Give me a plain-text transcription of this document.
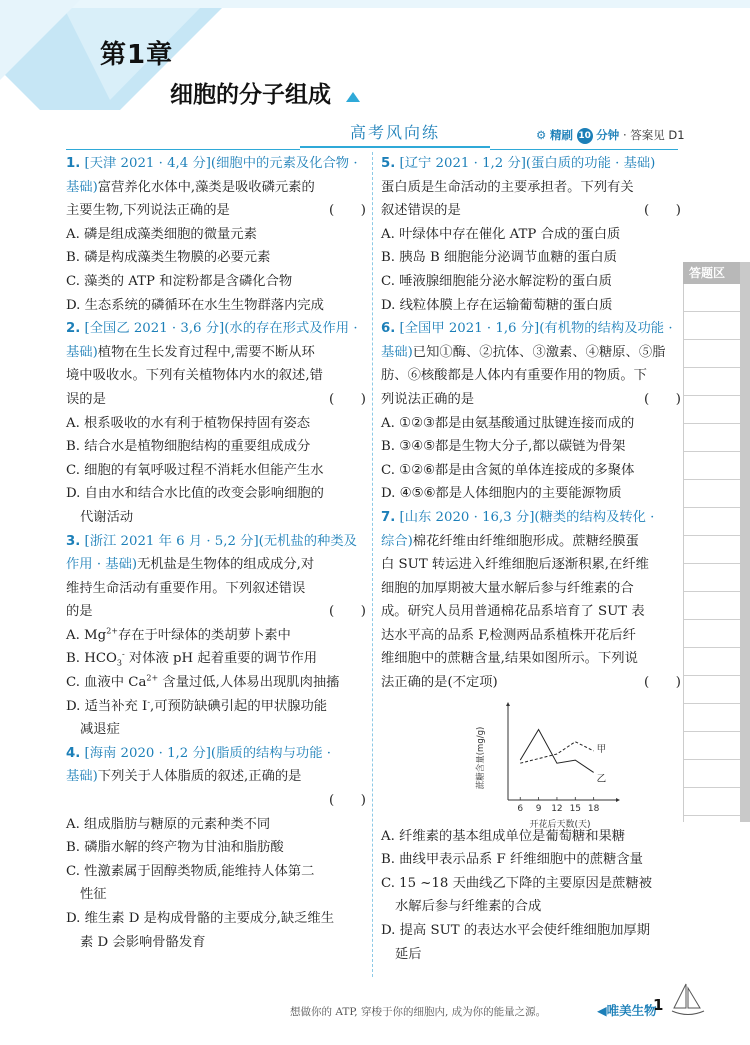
第1章
细胞的分子组成
高考风向练	⚙ 精刷 10 分钟 · 答案见 D1
1. [天津 2021 · 4,4 分](细胞中的元素及化合物 ·
基础)富营养化水体中,藻类是吸收磷元素的
主要生物,下列说法正确的是	(　　)
A. 磷是组成藻类细胞的微量元素
B. 磷是构成藻类生物膜的必要元素
C. 藻类的 ATP 和淀粉都是含磷化合物
D. 生态系统的磷循环在水生生物群落内完成
2. [全国乙 2021 · 3,6 分](水的存在形式及作用 ·
基础)植物在生长发育过程中,需要不断从环
境中吸收水。下列有关植物体内水的叙述,错
误的是	(　　)
A. 根系吸收的水有利于植物保持固有姿态
B. 结合水是植物细胞结构的重要组成成分
C. 细胞的有氧呼吸过程不消耗水但能产生水
D. 自由水和结合水比值的改变会影响细胞的
代谢活动
3. [浙江 2021 年 6 月 · 5,2 分](无机盐的种类及
作用 · 基础)无机盐是生物体的组成成分,对
维持生命活动有重要作用。下列叙述错误
的是	(　　)
A. $Mg^{2+}$存在于叶绿体的类胡萝卜素中
B. $HCO_3^-$ 对体液 pH 起着重要的调节作用
C. 血液中 $Ca^{2+}$ 含量过低,人体易出现肌肉抽搐
D. 适当补充 I-,可预防缺碘引起的甲状腺功能
减退症
4. [海南 2020 · 1,2 分](脂质的结构与功能 ·
基础)下列关于人体脂质的叙述,正确的是
(　　)

A. 组成脂肪与糖原的元素种类不同
B. 磷脂水解的终产物为甘油和脂肪酸
C. 性激素属于固醇类物质,能维持人体第二
性征
D. 维生素 D 是构成骨骼的主要成分,缺乏维生
素 D 会影响骨骼发育
5. [辽宁 2021 · 1,2 分](蛋白质的功能 · 基础)
蛋白质是生命活动的主要承担者。下列有关
叙述错误的是	(　　)
A. 叶绿体中存在催化 ATP 合成的蛋白质
B. 胰岛 B 细胞能分泌调节血糖的蛋白质
C. 唾液腺细胞能分泌水解淀粉的蛋白质
D. 线粒体膜上存在运输葡萄糖的蛋白质
6. [全国甲 2021 · 1,6 分](有机物的结构及功能 ·
基础)已知①酶、②抗体、③激素、④糖原、⑤脂
肪、⑥核酸都是人体内有重要作用的物质。下
列说法正确的是	(　　)
A. ①②③都是由氨基酸通过肽键连接而成的
B. ③④⑤都是生物大分子,都以碳链为骨架
C. ①②⑥都是由含氮的单体连接成的多聚体
D. ④⑤⑥都是人体细胞内的主要能源物质
7. [山东 2020 · 16,3 分](糖类的结构及转化 ·
综合)棉花纤维由纤维细胞形成。蔗糖经膜蛋
白 SUT 转运进入纤维细胞后逐渐积累,在纤维
细胞的加厚期被大量水解后参与纤维素的合
成。研究人员用普通棉花品系培育了 SUT 表
达水平高的品系 F,检测两品系植株开花后纤
维细胞中的蔗糖含量,结果如图所示。下列说
法正确的是(不定项)	(　　)
A. 纤维素的基本组成单位是葡萄糖和果糖
B. 曲线甲表示品系 F 纤维细胞中的蔗糖含量
C. 15 ~18 天曲线乙下降的主要原因是蔗糖被
水解后参与纤维素的合成
D. 提高 SUT 的表达水平会使纤维细胞加厚期
延后
蔗糖含量(mg/g)
开花后天数(天)
6 9 12 15 18
甲
乙
答题区
想做你的 ATP, 穿梭于你的细胞内, 成为你的能量之源。	◀唯美生物
1
